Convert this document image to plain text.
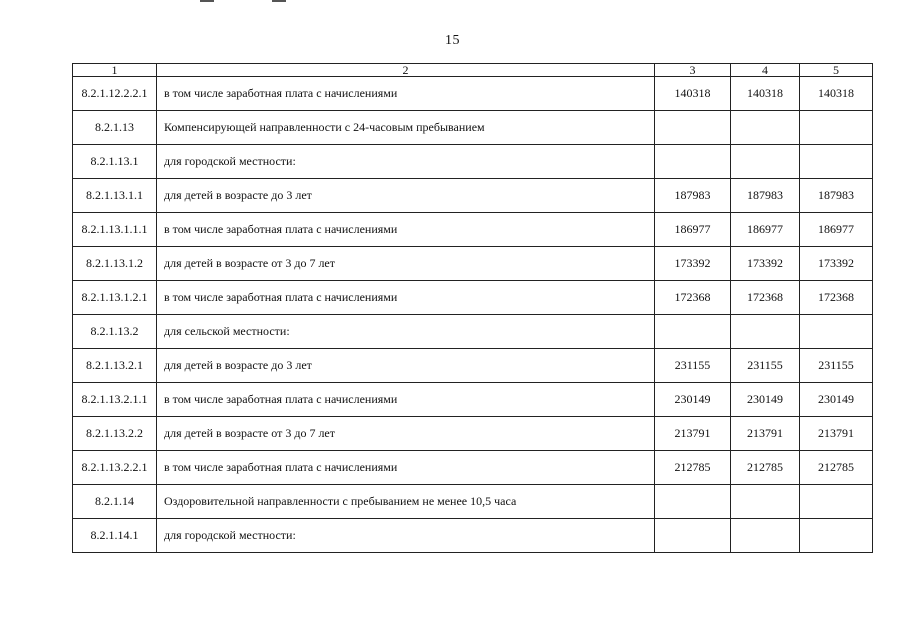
15
1	2	3	4	5
8.2.1.12.2.2.1	в том числе заработная плата с начислениями	140318	140318	140318
8.2.1.13	Компенсирующей направленности с 24-часовым пребыванием			
8.2.1.13.1	для городской местности:			
8.2.1.13.1.1	для детей в возрасте до 3 лет	187983	187983	187983
8.2.1.13.1.1.1	в том числе заработная плата с начислениями	186977	186977	186977
8.2.1.13.1.2	для детей в возрасте от 3 до 7 лет	173392	173392	173392
8.2.1.13.1.2.1	в том числе заработная плата с начислениями	172368	172368	172368
8.2.1.13.2	для сельской местности:			
8.2.1.13.2.1	для детей в возрасте до 3 лет	231155	231155	231155
8.2.1.13.2.1.1	в том числе заработная плата с начислениями	230149	230149	230149
8.2.1.13.2.2	для детей в возрасте от 3 до 7 лет	213791	213791	213791
8.2.1.13.2.2.1	в том числе заработная плата с начислениями	212785	212785	212785
8.2.1.14	Оздоровительной направленности с пребыванием не менее 10,5 часа			
8.2.1.14.1	для городской местности:			
